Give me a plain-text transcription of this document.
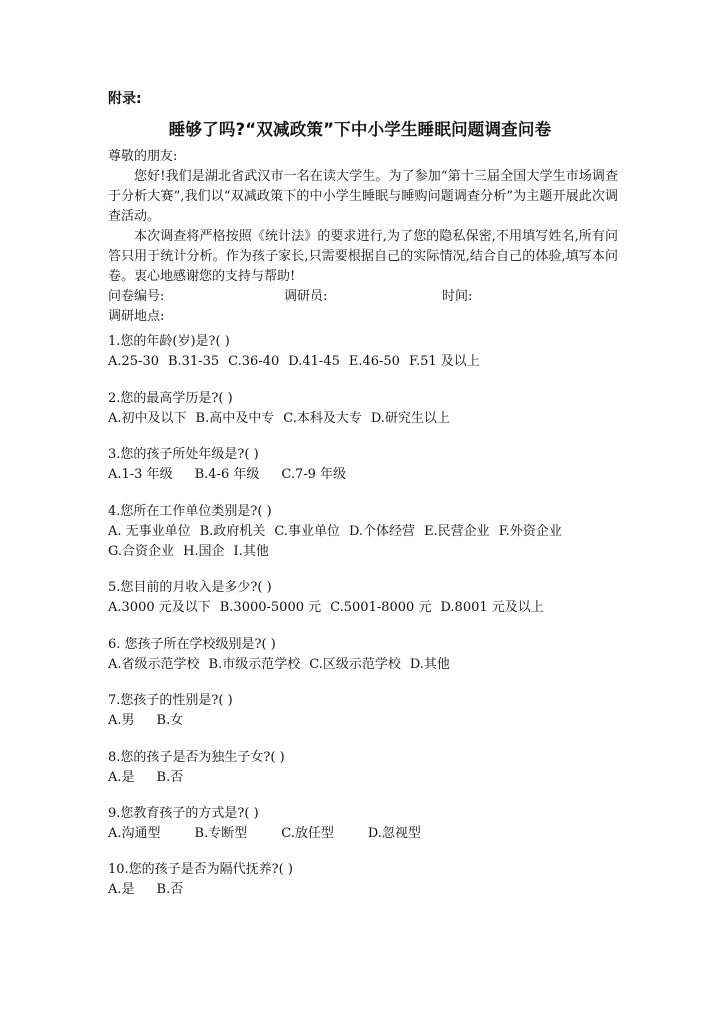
附录:
睡够了吗?“双减政策”下中小学生睡眠问题调查问卷

尊敬的朋友:

您好!我们是湖北省武汉市一名在读大学生。为了参加“第十三届全国大学生市场调查于分析大赛”,我们以“双减政策下的中小学生睡眠与睡购问题调查分析”为主题开展此次调查活动。

本次调查将严格按照《统计法》的要求进行,为了您的隐私保密,不用填写姓名,所有问答只用于统计分析。作为孩子家长,只需要根据自己的实际情况,结合自己的体验,填写本问卷。衷心地感谢您的支持与帮助!

问卷编号:	调研员:	时间:

调研地点:

1.您的年龄(岁)是?( )
A.25-30 B.31-35 C.36-40 D.41-45 E.46-50 F.51 及以上
2.您的最高学历是?( )
A.初中及以下 B.高中及中专 C.本科及大专 D.研究生以上
3.您的孩子所处年级是?( )
A.1-3 年级 B.4-6 年级 C.7-9 年级
4.您所在工作单位类别是?( )
A. 无事业单位 B.政府机关 C.事业单位 D.个体经营 E.民营企业 F.外资企业G.合资企业 H.国企 I.其他
5.您目前的月收入是多少?( )
A.3000 元及以下 B.3000-5000 元 C.5001-8000 元 D.8001 元及以上
6. 您孩子所在学校级别是?( )
A.省级示范学校 B.市级示范学校 C.区级示范学校 D.其他
7.您孩子的性别是?( )
A.男 B.女
8.您的孩子是否为独生子女?( )
A.是 B.否
9.您教育孩子的方式是?( )
A.沟通型	B.专断型	C.放任型	D.忽视型
10.您的孩子是否为隔代抚养?( )
A.是 B.否
